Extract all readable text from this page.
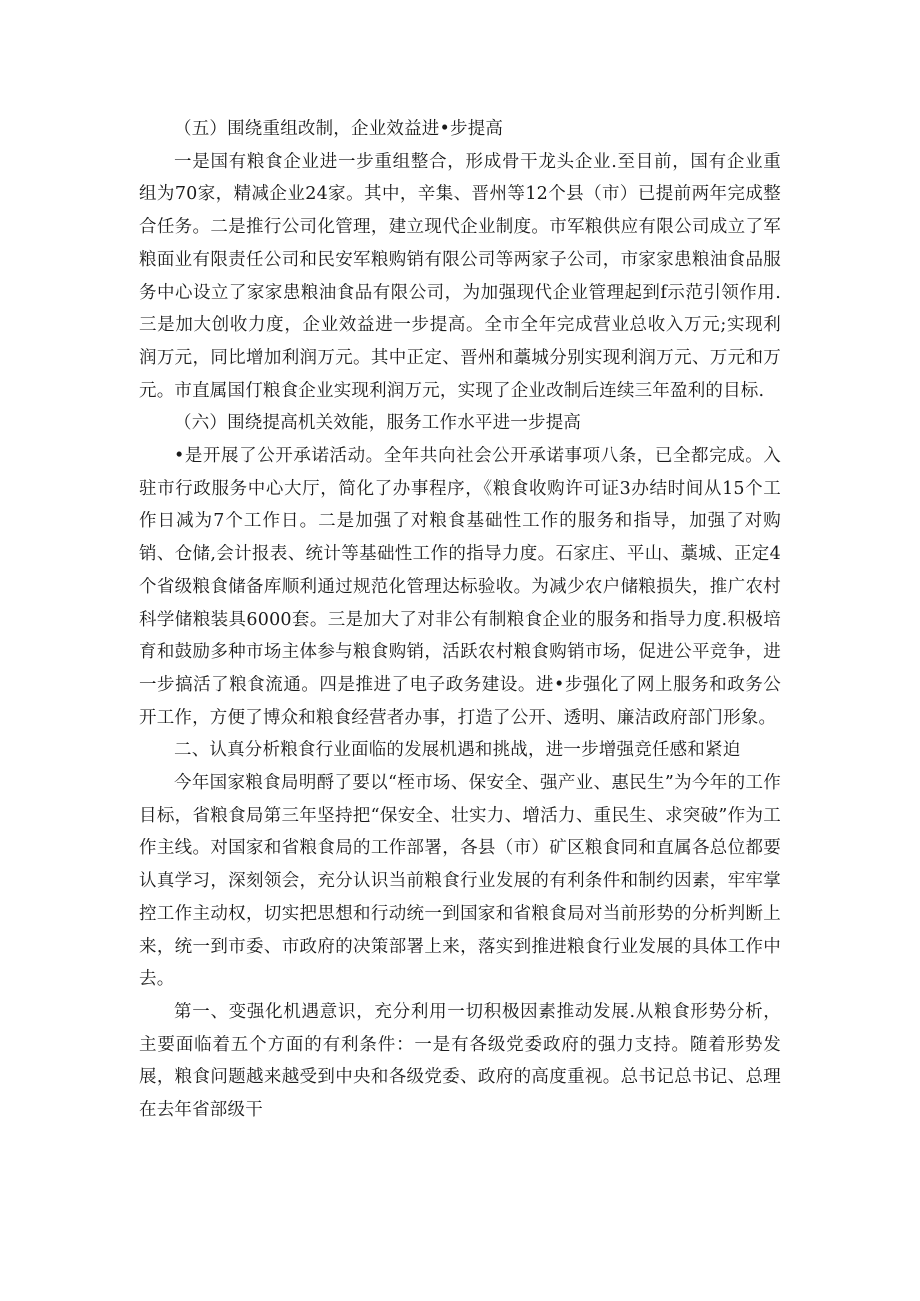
（五）围绕重组改制，企业效益进•步提高

一是国有粮食企业进一步重组整合，形成骨干龙头企业.至目前，国有企业重组为70家，精减企业24家。其中，辛集、晋州等12个县（市）已提前两年完成整合任务。二是推行公司化管理，建立现代企业制度。市军粮供应有限公司成立了军粮面业有限责任公司和民安军粮购销有限公司等两家子公司，市家家患粮油食品服务中心设立了家家患粮油食品有限公司，为加强现代企业管理起到f示范引领作用.三是加大创收力度，企业效益进一步提高。全市全年完成营业总收入万元;实现利润万元，同比增加利润万元。其中正定、晋州和藁城分别实现利润万元、万元和万元。市直属国仃粮食企业实现利润万元，实现了企业改制后连续三年盈利的目标.

（六）围绕提高机关效能，服务工作水平进一步提高

•是开展了公开承诺活动。全年共向社会公开承诺事项八条，已全都完成。入驻市行政服务中心大厅，简化了办事程序，《粮食收购许可证3办结时间从15个工作日减为7个工作日。二是加强了对粮食基础性工作的服务和指导，加强了对购销、仓储,会计报表、统计等基础性工作的指导力度。石家庄、平山、藁城、正定4个省级粮食储备库顺利通过规范化管理达标验收。为减少农户储粮损失，推广农村科学储粮装具6000套。三是加大了对非公有制粮食企业的服务和指导力度.积极培育和鼓励多种市场主体参与粮食购销，活跃农村粮食购销市场，促进公平竞争，进一步搞活了粮食流通。四是推进了电子政务建设。进•步强化了网上服务和政务公开工作，方便了博众和粮食经营者办事，打造了公开、透明、廉洁政府部门形象。

二、认真分析粮食行业面临的发展机遇和挑战，进一步增强竞任感和紧迫

今年国家粮食局明酹了要以“桎市场、保安全、强产业、惠民生”为今年的工作目标，省粮食局第三年坚持把“保安全、壮实力、增活力、重民生、求突破”作为工作主线。对国家和省粮食局的工作部署，各县（市）矿区粮食同和直属各总位都要认真学习，深刻领会，充分认识当前粮食行业发展的有利条件和制约因素，牢牢掌控工作主动权，切实把思想和行动统一到国家和省粮食局对当前形势的分析判断上来，统一到市委、市政府的决策部署上来，落实到推进粮食行业发展的具体工作中去。

第一、变强化机遇意识，充分利用一切积极因素推动发展.从粮食形势分析，主要面临着五个方面的有利条件：一是有各级党委政府的强力支持。随着形势发展，粮食问题越来越受到中央和各级党委、政府的高度重视。总书记总书记、总理在去年省部级干
